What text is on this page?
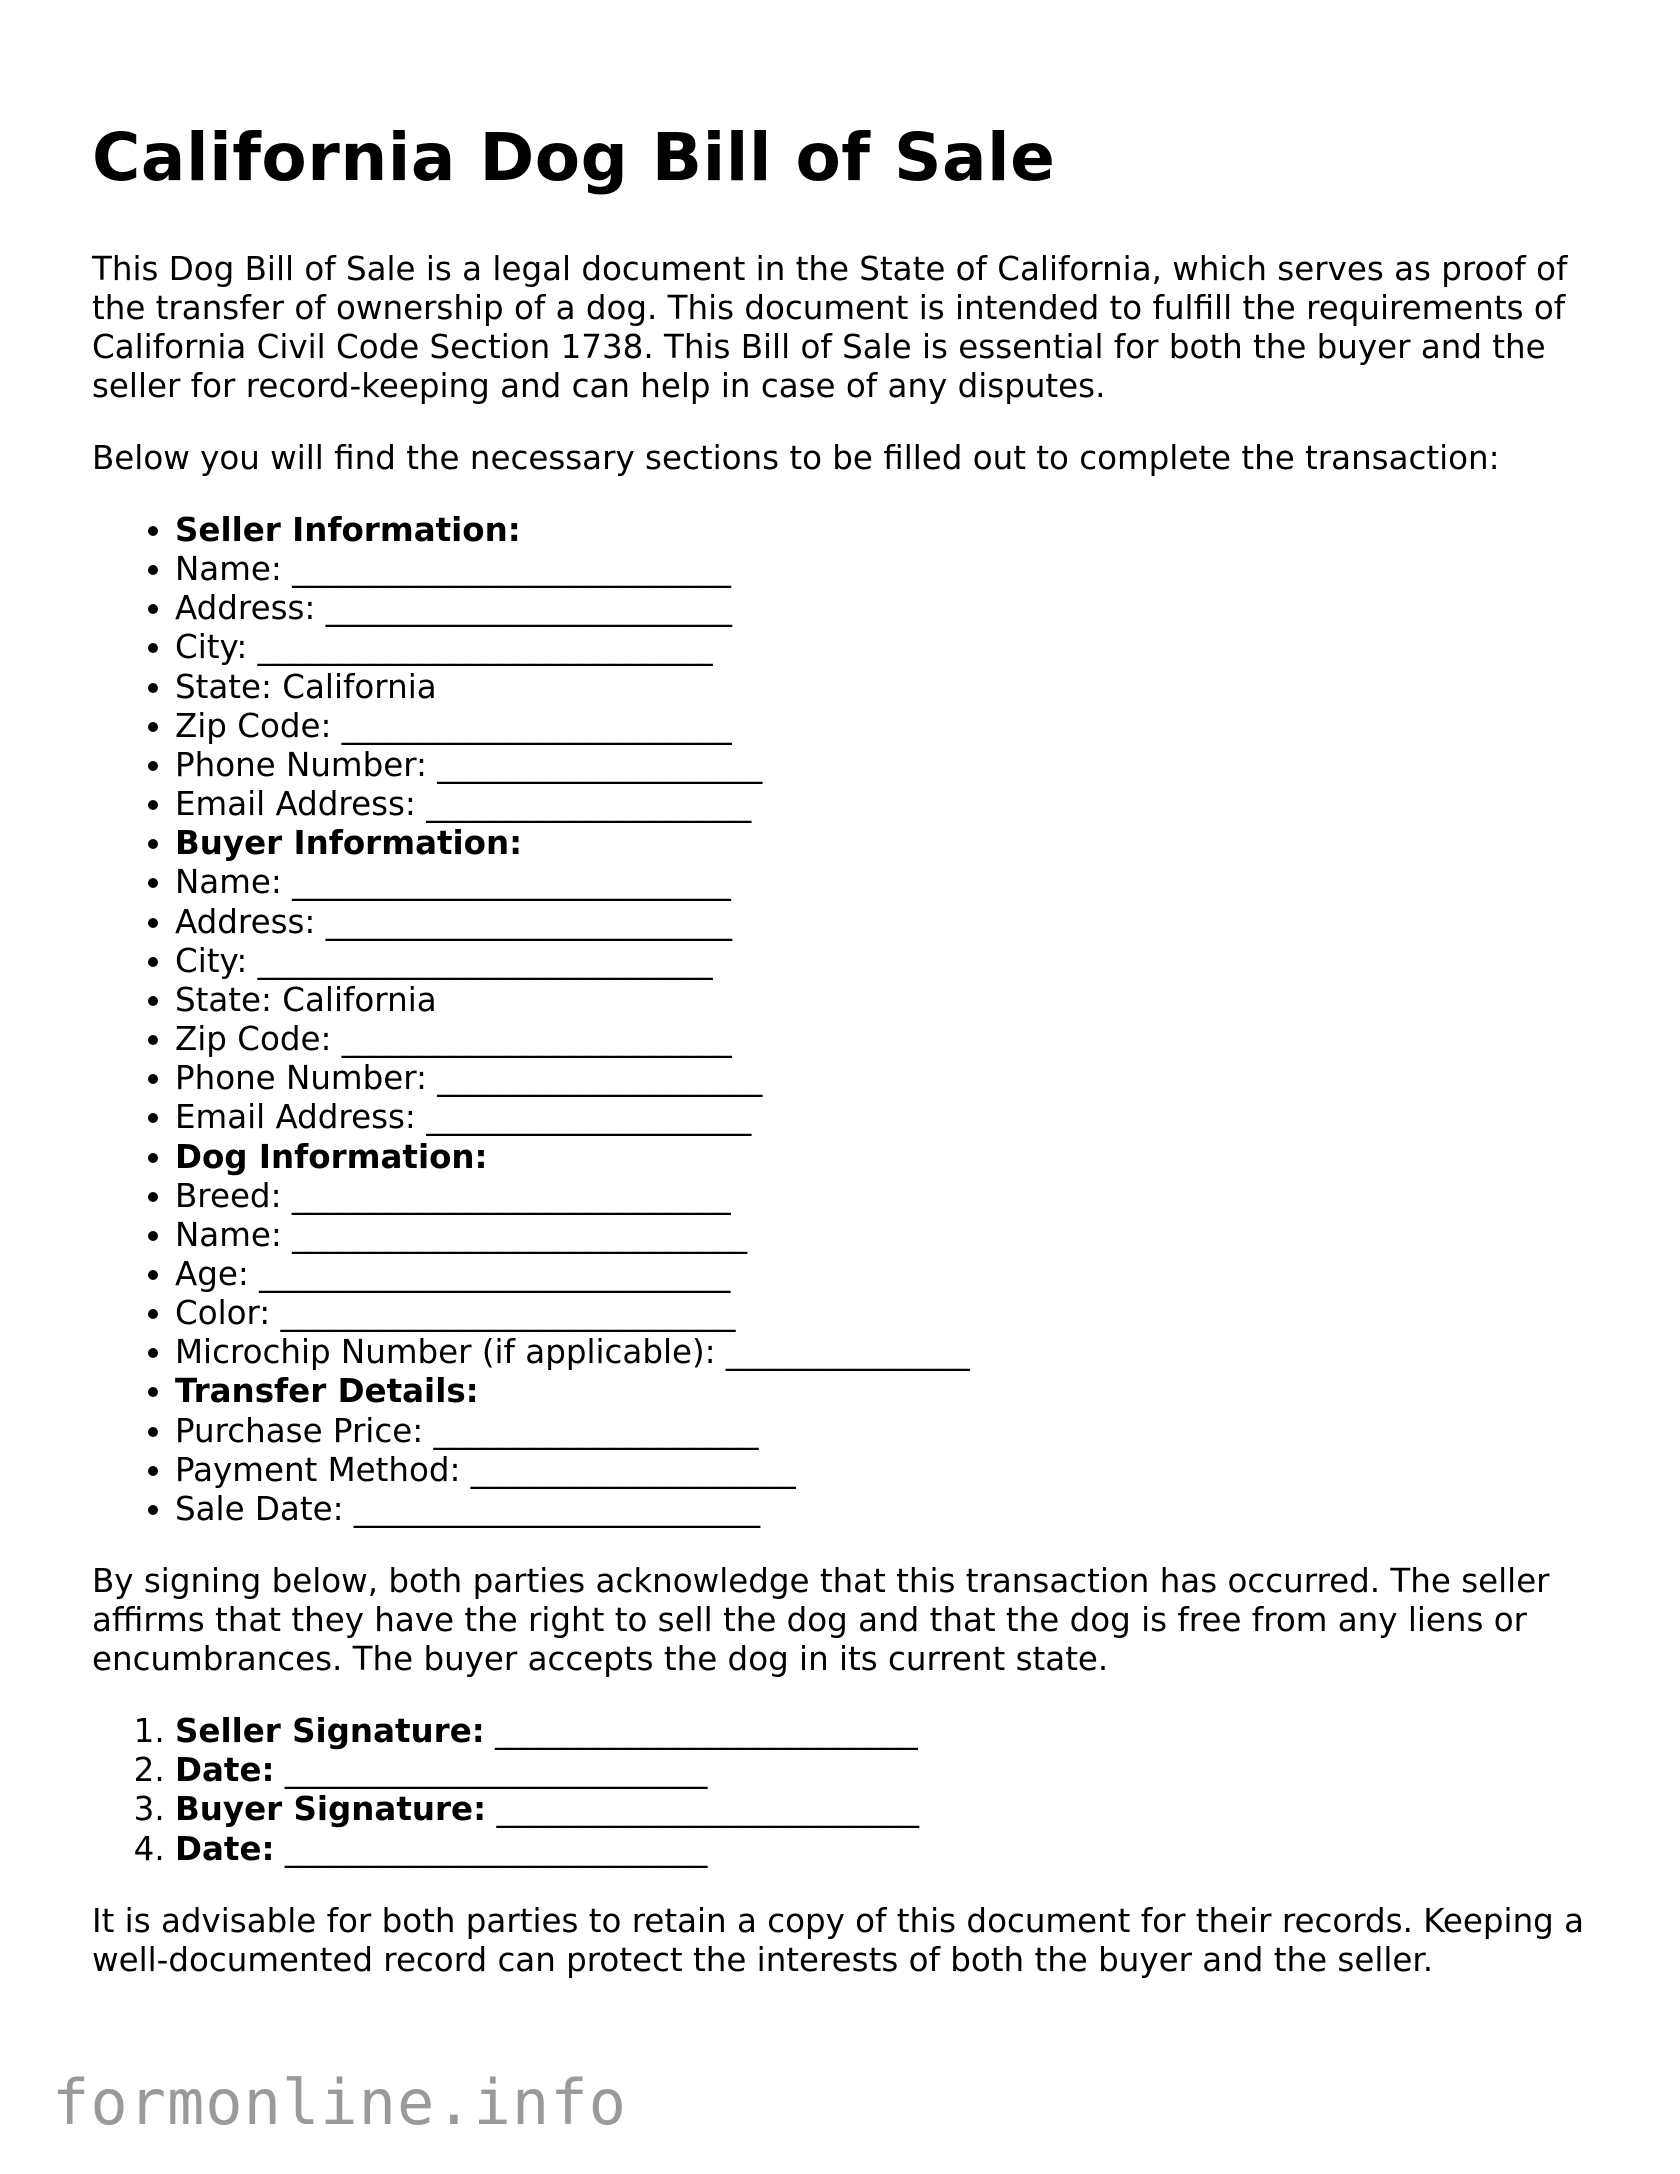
California Dog Bill of Sale

This Dog Bill of Sale is a legal document in the State of California, which serves as proof of the transfer of ownership of a dog. This document is intended to fulfill the requirements of California Civil Code Section 1738. This Bill of Sale is essential for both the buyer and the seller for record-keeping and can help in case of any disputes.

Below you will find the necessary sections to be filled out to complete the transaction:

• Seller Information:
• Name: ___________________________
• Address: _________________________
• City: ____________________________
• State: California
• Zip Code: ________________________
• Phone Number: ____________________
• Email Address: ____________________
• Buyer Information:
• Name: ___________________________
• Address: _________________________
• City: ____________________________
• State: California
• Zip Code: ________________________
• Phone Number: ____________________
• Email Address: ____________________
• Dog Information:
• Breed: ___________________________
• Name: ____________________________
• Age: _____________________________
• Color: ____________________________
• Microchip Number (if applicable): _______________
• Transfer Details:
• Purchase Price: ____________________
• Payment Method: ____________________
• Sale Date: _________________________

By signing below, both parties acknowledge that this transaction has occurred. The seller affirms that they have the right to sell the dog and that the dog is free from any liens or encumbrances. The buyer accepts the dog in its current state.

1. Seller Signature: __________________________
2. Date: __________________________
3. Buyer Signature: __________________________
4. Date: __________________________

It is advisable for both parties to retain a copy of this document for their records. Keeping a well-documented record can protect the interests of both the buyer and the seller.

formonline.info
